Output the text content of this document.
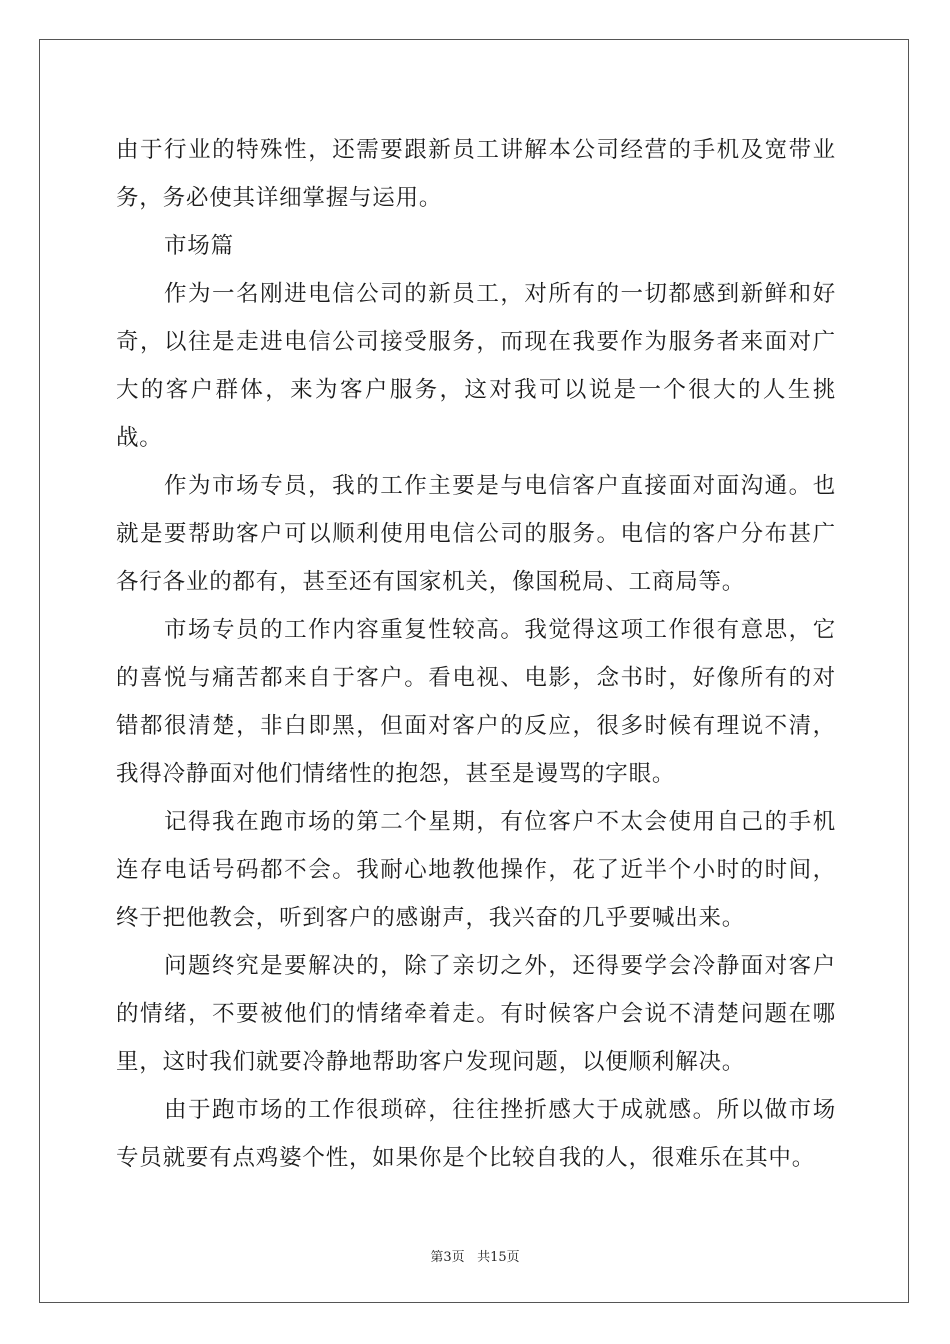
由于行业的特殊性，还需要跟新员工讲解本公司经营的手机及宽带业务，务必使其详细掌握与运用。

市场篇

作为一名刚进电信公司的新员工，对所有的一切都感到新鲜和好奇，以往是走进电信公司接受服务，而现在我要作为服务者来面对广大的客户群体，来为客户服务，这对我可以说是一个很大的人生挑战。

作为市场专员，我的工作主要是与电信客户直接面对面沟通。也就是要帮助客户可以顺利使用电信公司的服务。电信的客户分布甚广各行各业的都有，甚至还有国家机关，像国税局、工商局等。

市场专员的工作内容重复性较高。我觉得这项工作很有意思，它的喜悦与痛苦都来自于客户。看电视、电影，念书时，好像所有的对错都很清楚，非白即黑，但面对客户的反应，很多时候有理说不清，我得冷静面对他们情绪性的抱怨，甚至是谩骂的字眼。

记得我在跑市场的第二个星期，有位客户不太会使用自己的手机连存电话号码都不会。我耐心地教他操作，花了近半个小时的时间，终于把他教会，听到客户的感谢声，我兴奋的几乎要喊出来。

问题终究是要解决的，除了亲切之外，还得要学会冷静面对客户的情绪，不要被他们的情绪牵着走。有时候客户会说不清楚问题在哪里，这时我们就要冷静地帮助客户发现问题，以便顺利解决。

由于跑市场的工作很琐碎，往往挫折感大于成就感。所以做市场专员就要有点鸡婆个性，如果你是个比较自我的人，很难乐在其中。

第3页 共15页
